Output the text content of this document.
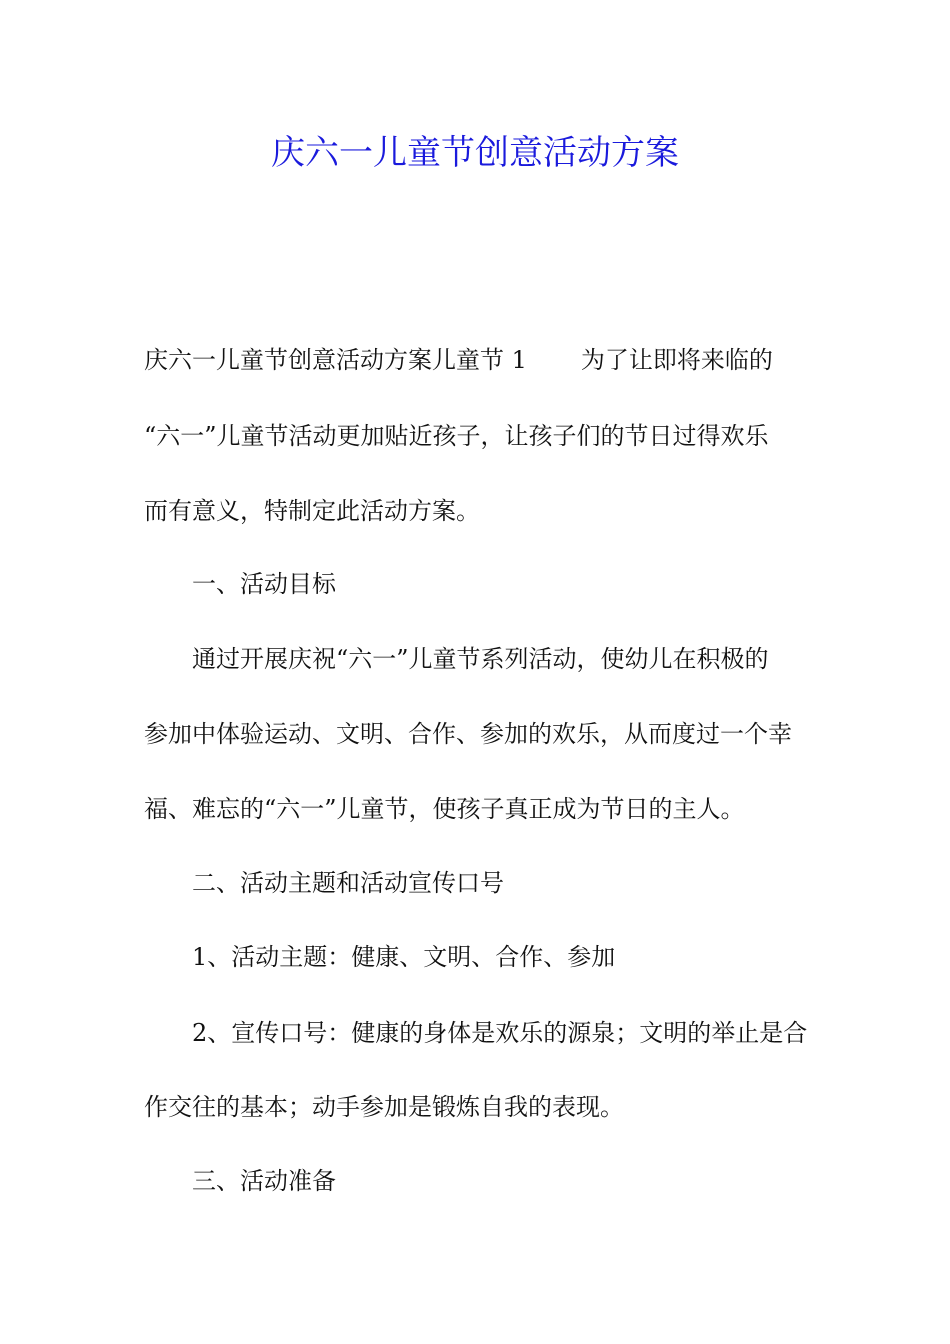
庆六一儿童节创意活动方案

庆六一儿童节创意活动方案儿童节 1 为了让即将来临的

“六一”儿童节活动更加贴近孩子，让孩子们的节日过得欢乐

而有意义，特制定此活动方案。

一、活动目标

通过开展庆祝“六一”儿童节系列活动，使幼儿在积极的

参加中体验运动、文明、合作、参加的欢乐，从而度过一个幸

福、难忘的“六一”儿童节，使孩子真正成为节日的主人。

二、活动主题和活动宣传口号

1、活动主题：健康、文明、合作、参加

2、宣传口号：健康的身体是欢乐的源泉；文明的举止是合

作交往的基本；动手参加是锻炼自我的表现。

三、活动准备
